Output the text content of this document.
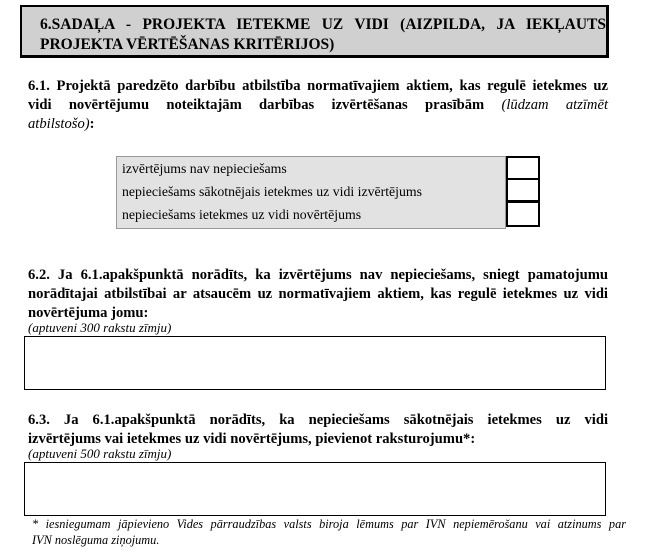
6.SADAĻA - PROJEKTA IETEKME UZ VIDI (AIZPILDA, JA IEKĻAUTS
PROJEKTA VĒRTĒŠANAS KRITĒRIJOS)
6.1. Projektā paredzēto darbību atbilstība normatīvajiem aktiem, kas regulē ietekmes uz
vidi novērtējumu noteiktajām darbības izvērtēšanas prasībām (lūdzam atzīmēt
atbilstošo):
izvērtējums nav nepieciešams
nepieciešams sākotnējais ietekmes uz vidi izvērtējums
nepieciešams ietekmes uz vidi novērtējums
6.2. Ja 6.1.apakšpunktā norādīts, ka izvērtējums nav nepieciešams, sniegt pamatojumu
norādītajai atbilstībai ar atsaucēm uz normatīvajiem aktiem, kas regulē ietekmes uz vidi
novērtējuma jomu:
(aptuveni 300 rakstu zīmju)
6.3. Ja 6.1.apakšpunktā norādīts, ka nepieciešams sākotnējais ietekmes uz vidi
izvērtējums vai ietekmes uz vidi novērtējums, pievienot raksturojumu*:
(aptuveni 500 rakstu zīmju)
* iesniegumam jāpievieno Vides pārraudzības valsts biroja lēmums par IVN nepiemērošanu vai atzinums par
IVN noslēguma ziņojumu.
